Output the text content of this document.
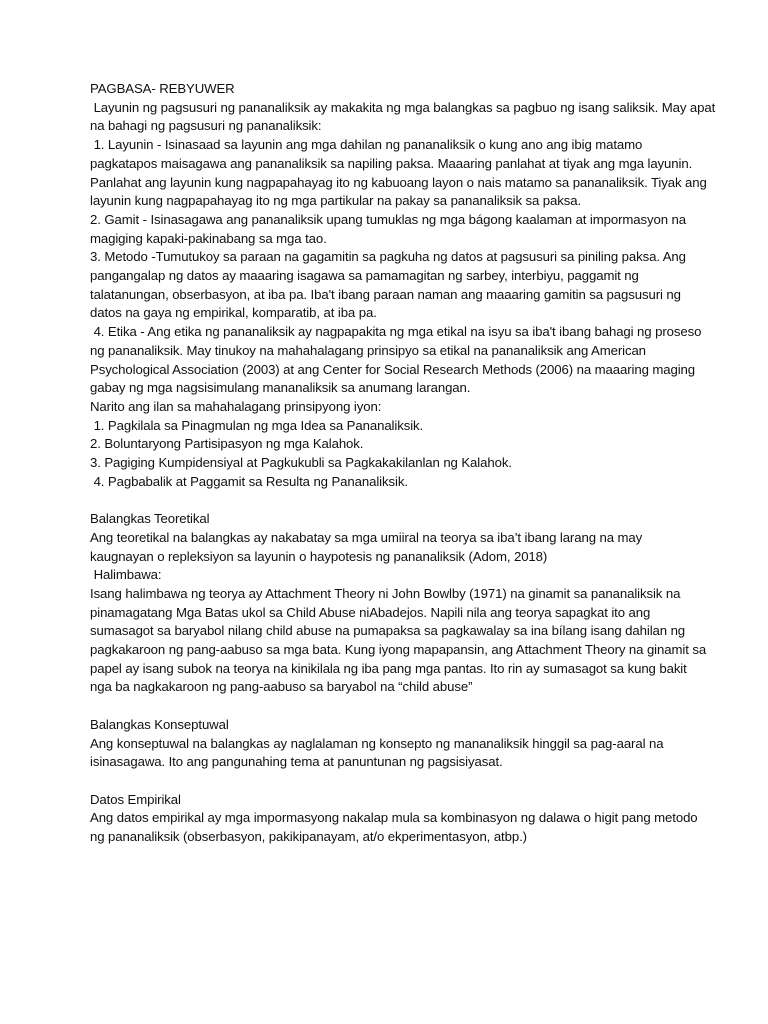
PAGBASA- REBYUWER
Layunin ng pagsusuri ng pananaliksik ay makakita ng mga balangkas sa pagbuo ng isang saliksik. May apat
na bahagi ng pagsusuri ng pananaliksik:
1. Layunin - Isinasaad sa layunin ang mga dahilan ng pananaliksik o kung ano ang ibig matamo
pagkatapos maisagawa ang pananaliksik sa napiling paksa. Maaaring panlahat at tiyak ang mga layunin.
Panlahat ang layunin kung nagpapahayag ito ng kabuoang layon o nais matamo sa pananaliksik. Tiyak ang
layunin kung nagpapahayag ito ng mga partikular na pakay sa pananaliksik sa paksa.
2. Gamit - Isinasagawa ang pananaliksik upang tumuklas ng mga bágong kaalaman at impormasyon na
magiging kapaki-pakinabang sa mga tao.
3. Metodo -Tumutukoy sa paraan na gagamitin sa pagkuha ng datos at pagsusuri sa piniling paksa. Ang
pangangalap ng datos ay maaaring isagawa sa pamamagitan ng sarbey, interbiyu, paggamit ng
talatanungan, obserbasyon, at iba pa. Iba't ibang paraan naman ang maaaring gamitin sa pagsusuri ng
datos na gaya ng empirikal, komparatib, at iba pa.
4. Etika - Ang etika ng pananaliksik ay nagpapakita ng mga etikal na isyu sa iba't ibang bahagi ng proseso
ng pananaliksik. May tinukoy na mahahalagang prinsipyo sa etikal na pananaliksik ang American
Psychological Association (2003) at ang Center for Social Research Methods (2006) na maaaring maging
gabay ng mga nagsisimulang mananaliksik sa anumang larangan.
Narito ang ilan sa mahahalagang prinsipyong iyon:
1. Pagkilala sa Pinagmulan ng mga Idea sa Pananaliksik.
2. Boluntaryong Partisipasyon ng mga Kalahok.
3. Pagiging Kumpidensiyal at Pagkukubli sa Pagkakakilanlan ng Kalahok.
4. Pagbabalik at Paggamit sa Resulta ng Pananaliksik.
Balangkas Teoretikal
Ang teoretikal na balangkas ay nakabatay sa mga umiiral na teorya sa iba’t ibang larang na may
kaugnayan o repleksiyon sa layunin o haypotesis ng pananaliksik (Adom, 2018)
Halimbawa:
Isang halimbawa ng teorya ay Attachment Theory ni John Bowlby (1971) na ginamit sa pananaliksik na
pinamagatang Mga Batas ukol sa Child Abuse niAbadejos. Napili nila ang teorya sapagkat ito ang
sumasagot sa baryabol nilang child abuse na pumapaksa sa pagkawalay sa ina bílang isang dahilan ng
pagkakaroon ng pang-aabuso sa mga bata. Kung iyong mapapansin, ang Attachment Theory na ginamit sa
papel ay isang subok na teorya na kinikilala ng iba pang mga pantas. Ito rin ay sumasagot sa kung bakit
nga ba nagkakaroon ng pang-aabuso sa baryabol na “child abuse”
Balangkas Konseptuwal
Ang konseptuwal na balangkas ay naglalaman ng konsepto ng mananaliksik hinggil sa pag-aaral na
isinasagawa. Ito ang pangunahing tema at panuntunan ng pagsisiyasat.
Datos Empirikal
Ang datos empirikal ay mga impormasyong nakalap mula sa kombinasyon ng dalawa o higit pang metodo
ng pananaliksik (obserbasyon, pakikipanayam, at/o ekperimentasyon, atbp.)
